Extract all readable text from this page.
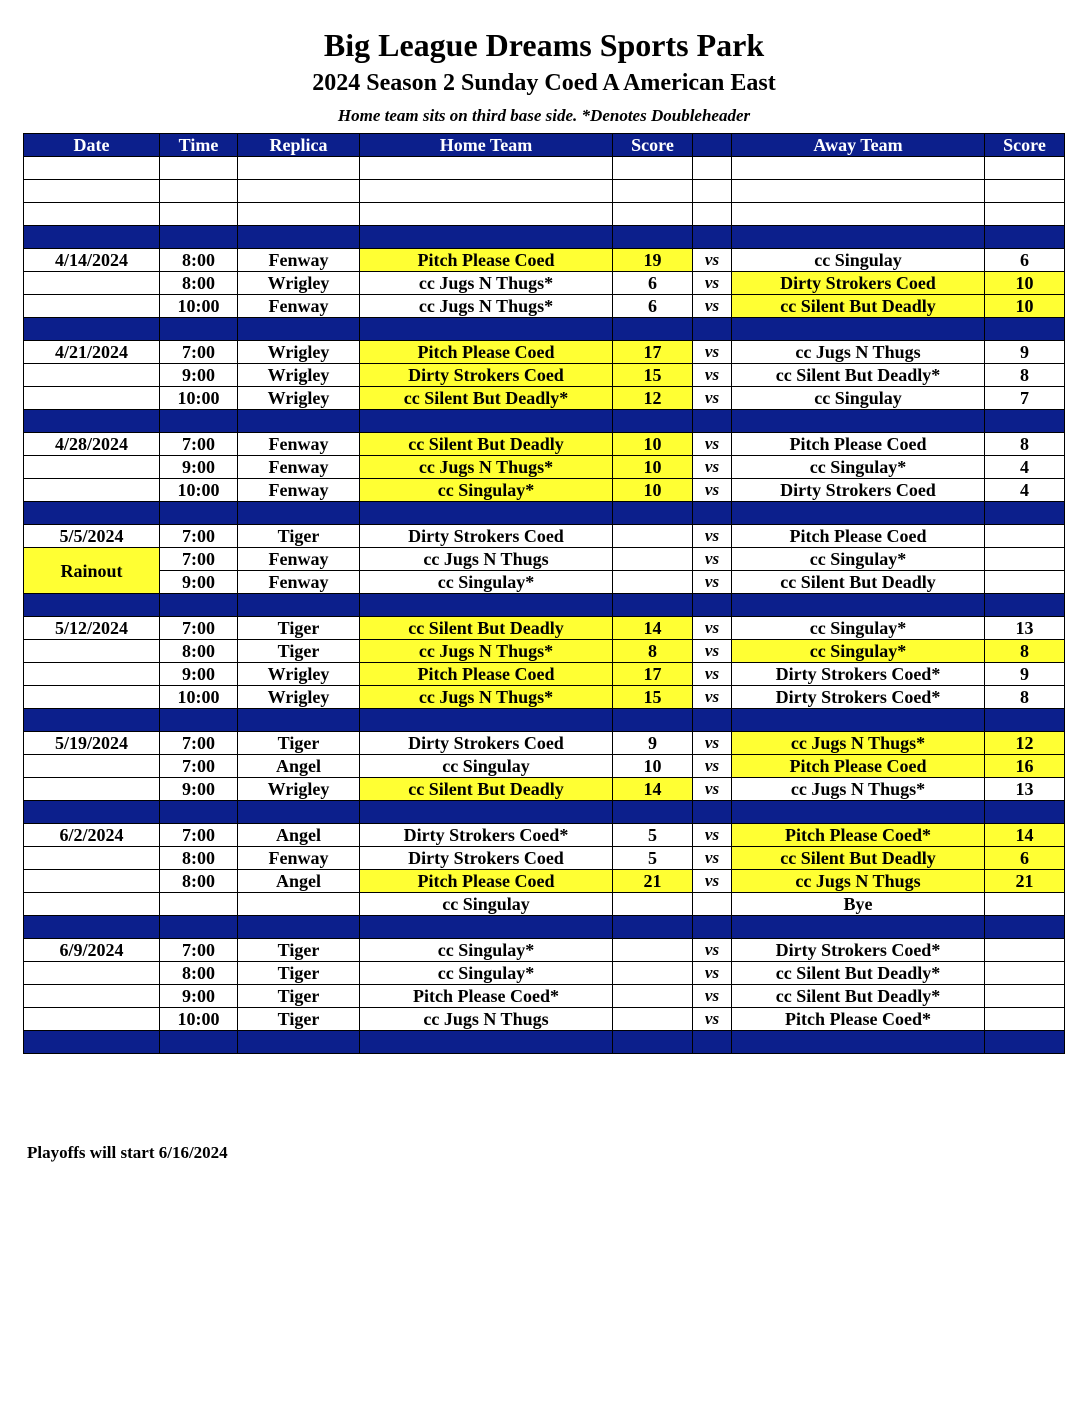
Big League Dreams Sports Park
2024 Season 2 Sunday Coed A American East
Home team sits on third base side. *Denotes Doubleheader
Date	Time	Replica	Home Team	Score		Away Team	Score

4/14/2024	8:00	Fenway	Pitch Please Coed	19	vs	cc Singulay	6
	8:00	Wrigley	cc Jugs N Thugs*	6	vs	Dirty Strokers Coed	10
	10:00	Fenway	cc Jugs N Thugs*	6	vs	cc Silent But Deadly	10

4/21/2024	7:00	Wrigley	Pitch Please Coed	17	vs	cc Jugs N Thugs	9
	9:00	Wrigley	Dirty Strokers Coed	15	vs	cc Silent But Deadly*	8
	10:00	Wrigley	cc Silent But Deadly*	12	vs	cc Singulay	7

4/28/2024	7:00	Fenway	cc Silent But Deadly	10	vs	Pitch Please Coed	8
	9:00	Fenway	cc Jugs N Thugs*	10	vs	cc Singulay*	4
	10:00	Fenway	cc Singulay*	10	vs	Dirty Strokers Coed	4

5/5/2024	7:00	Tiger	Dirty Strokers Coed		vs	Pitch Please Coed	
Rainout	7:00	Fenway	cc Jugs N Thugs		vs	cc Singulay*	
	9:00	Fenway	cc Singulay*		vs	cc Silent But Deadly	

5/12/2024	7:00	Tiger	cc Silent But Deadly	14	vs	cc Singulay*	13
	8:00	Tiger	cc Jugs N Thugs*	8	vs	cc Singulay*	8
	9:00	Wrigley	Pitch Please Coed	17	vs	Dirty Strokers Coed*	9
	10:00	Wrigley	cc Jugs N Thugs*	15	vs	Dirty Strokers Coed*	8

5/19/2024	7:00	Tiger	Dirty Strokers Coed	9	vs	cc Jugs N Thugs*	12
	7:00	Angel	cc Singulay	10	vs	Pitch Please Coed	16
	9:00	Wrigley	cc Silent But Deadly	14	vs	cc Jugs N Thugs*	13

6/2/2024	7:00	Angel	Dirty Strokers Coed*	5	vs	Pitch Please Coed*	14
	8:00	Fenway	Dirty Strokers Coed	5	vs	cc Silent But Deadly	6
	8:00	Angel	Pitch Please Coed	21	vs	cc Jugs N Thugs	21
			cc Singulay			Bye	

6/9/2024	7:00	Tiger	cc Singulay*		vs	Dirty Strokers Coed*	
	8:00	Tiger	cc Singulay*		vs	cc Silent But Deadly*	
	9:00	Tiger	Pitch Please Coed*		vs	cc Silent But Deadly*	
	10:00	Tiger	cc Jugs N Thugs		vs	Pitch Please Coed*	

Playoffs will start 6/16/2024
